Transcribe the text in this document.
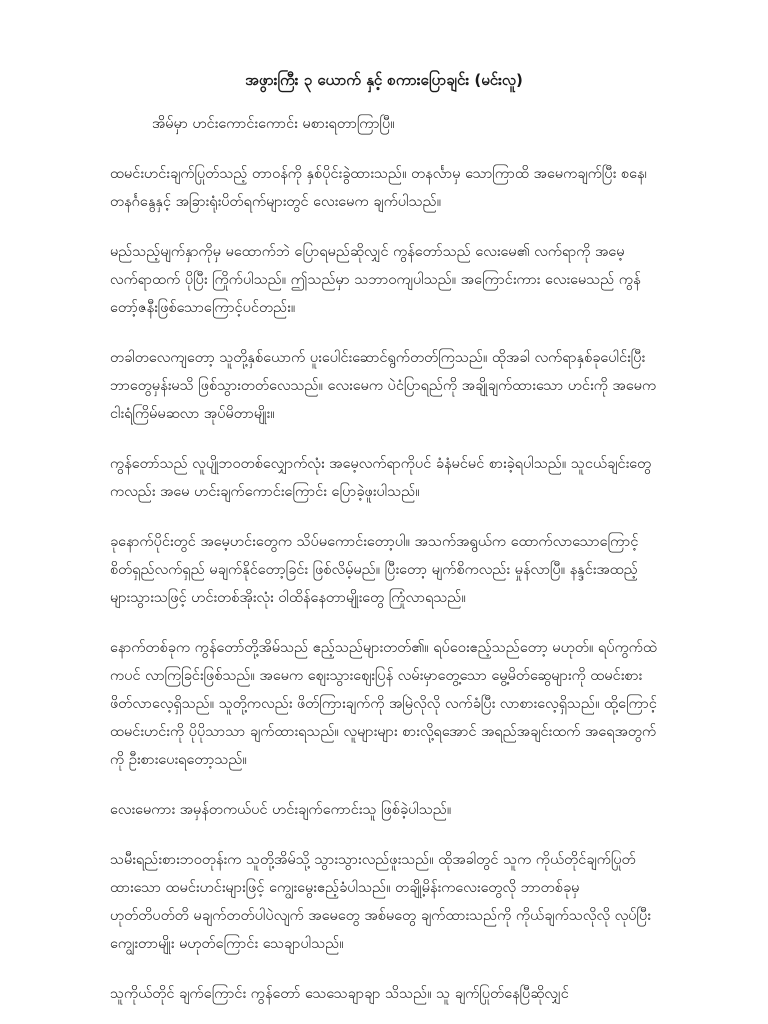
အဖွားကြီး ၃ ယောက် နှင့် စကားပြောချင်း (မင်းလူ)

အိမ်မှာ ဟင်းကောင်းကောင်း မစားရတာကြာပြီ။

ထမင်းဟင်းချက်ပြုတ်သည့် တာဝန်ကို နှစ်ပိုင်းခွဲထားသည်။ တနင်္လာမှ သောကြာထိ အမေကချက်ပြီး စနေ၊တနင်္ဂနွေနှင့် အခြားရုံးပိတ်ရက်များတွင် လေးမေက ချက်ပါသည်။

မည်သည့်မျက်နှာကိုမှ မထောက်ဘဲ ပြောရမည်ဆိုလျှင် ကွန်တော်သည် လေးမေ၏ လက်ရာကို အမေ့လက်ရာထက် ပိုပြီး ကြိုက်ပါသည်။ ဤသည်မှာ သဘာဝကျပါသည်။ အကြောင်းကား လေးမေသည် ကွန်တော့်ဇနီးဖြစ်သောကြောင့်ပင်တည်း။

တခါတလေကျတော့ သူတို့နှစ်ယောက် ပူးပေါင်းဆောင်ရွက်တတ်ကြသည်။ ထိုအခါ လက်ရာနှစ်ခုပေါင်းပြီး ဘာတွေမှန်းမသိ ဖြစ်သွားတတ်လေသည်။ လေးမေက ပဲငံပြာရည်ကို အချိုချက်ထားသော ဟင်းကို အမေက ငါးရံကြိမ်မဆလာ အုပ်မိတာမျိုး။

ကွန်တော်သည် လူပျိုဘဝတစ်လျှောက်လုံး အမေ့လက်ရာကိုပင် ခံနံမင်မင် စားခဲ့ရပါသည်။ သူငယ်ချင်းတွေကလည်း အမေ ဟင်းချက်ကောင်းကြောင်း ပြောခဲ့ဖူးပါသည်။

ခုနောက်ပိုင်းတွင် အမေ့ဟင်းတွေက သိပ်မကောင်းတော့ပါ။ အသက်အရွယ်က ထောက်လာသောကြောင့် စိတ်ရှည်လက်ရှည် မချက်နိုင်တော့ခြင်း ဖြစ်လိမ့်မည်။ ပြီးတော့ မျက်စိကလည်း မှုန်လာပြီ။ နန္ဒင်းအထည့်များသွားသဖြင့် ဟင်းတစ်အိုးလုံး ဝါထိန်နေတာမျိုးတွေ ကြုံလာရသည်။

နောက်တစ်ခုက ကွန်တော်တို့အိမ်သည် ဧည့်သည်များတတ်၏။ ရပ်ဝေးဧည့်သည်တော့ မဟုတ်။ ရပ်ကွက်ထဲကပင် လာကြခြင်းဖြစ်သည်။ အမေက ဈေးသွားဈေးပြန် လမ်းမှာတွေ့သော မွေ့မိတ်ဆွေများကို ထမင်းစားဖိတ်လာလေ့ရှိသည်။ သူတို့ကလည်း ဖိတ်ကြားချက်ကို အမြဲလိုလို လက်ခံပြီး လာစားလေ့ရှိသည်။ ထို့ကြောင့် ထမင်းဟင်းကို ပိုပိုသာသာ ချက်ထားရသည်။ လူများများ စားလို့ရအောင် အရည်အချင်းထက် အရေအတွက်ကို ဦးစားပေးရတော့သည်။

လေးမေကား အမှန်တကယ်ပင် ဟင်းချက်ကောင်းသူ ဖြစ်ခဲ့ပါသည်။

သမီးရည်းစားဘဝတုန်းက သူတို့အိမ်သို့ သွားသွားလည်ဖူးသည်။ ထိုအခါတွင် သူက ကိုယ်တိုင်ချက်ပြုတ်ထားသော ထမင်းဟင်းများဖြင့် ကျွေးမွေးဧည့်ခံပါသည်။ တချို့မိန်းကလေးတွေလို ဘာတစ်ခုမှ ဟုတ်တိပတ်တိ မချက်တတ်ပါပဲလျက် အမေတွေ အစ်မတွေ ချက်ထားသည်ကို ကိုယ်ချက်သလိုလို လုပ်ပြီးကျွေးတာမျိုး မဟုတ်ကြောင်း သေချာပါသည်။

သူကိုယ်တိုင် ချက်ကြောင်း ကွန်တော် သေသေချာချာ သိသည်။ သူ ချက်ပြုတ်နေပြီဆိုလျှင်
